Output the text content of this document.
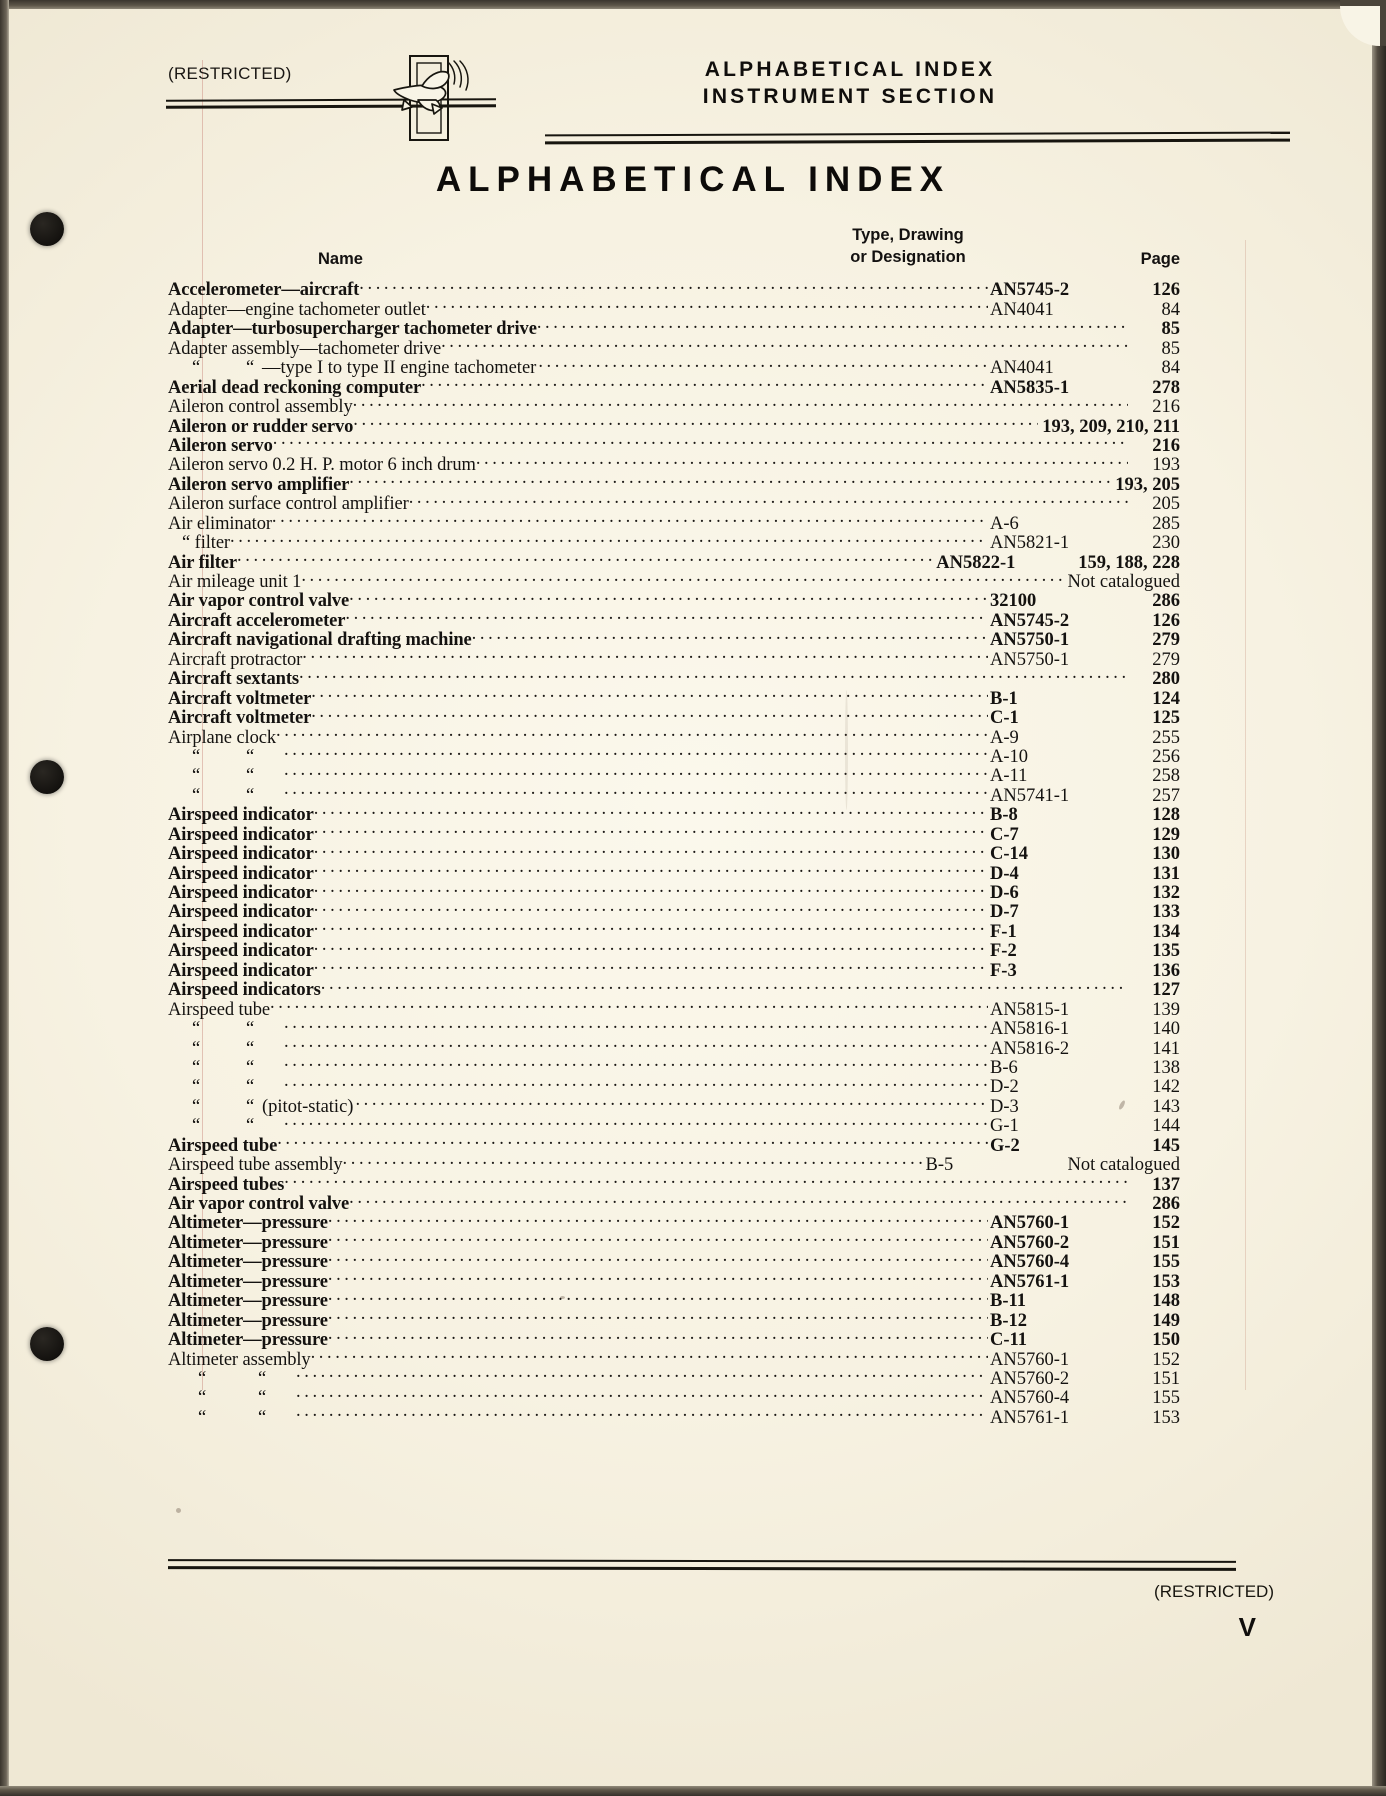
(RESTRICTED)	ALPHABETICAL INDEX
INSTRUMENT SECTION
ALPHABETICAL INDEX
Name
Type, Drawing
or Designation	Page
Accelerometer—aircraft .....	AN5745-2	126
Adapter—engine tachometer outlet .....	AN4041	84
Adapter—turbosupercharger tachometer drive .....	85
Adapter assembly—tachometer drive .....	85
“	“ —type I to type II engine tachometer .....	AN4041	84
Aerial dead reckoning computer .....	AN5835-1	278
Aileron control assembly .....	216
Aileron or rudder servo .....	193, 209, 210, 211
Aileron servo .....	216
Aileron servo 0.2 H. P. motor 6 inch drum .....	193
Aileron servo amplifier .....	193, 205
Aileron surface control amplifier .....	205
Air eliminator .....	A-6	285
“ filter .....	AN5821-1	230
Air filter .....	AN5822-1	159, 188, 228
Air mileage unit 1 .....	Not catalogued
Air vapor control valve .....	32100	286
Aircraft accelerometer .....	AN5745-2	126
Aircraft navigational drafting machine .....	AN5750-1	279
Aircraft protractor .....	AN5750-1	279
Aircraft sextants .....	280
Aircraft voltmeter .....	B-1	124
Aircraft voltmeter .....	C-1	125
Airplane clock .....	A-9	255
“	“ .....	A-10	256
“	“ .....	A-11	258
“	“ .....	AN5741-1	257
Airspeed indicator .....	B-8	128
Airspeed indicator .....	C-7	129
Airspeed indicator .....	C-14	130
Airspeed indicator .....	D-4	131
Airspeed indicator .....	D-6	132
Airspeed indicator .....	D-7	133
Airspeed indicator .....	F-1	134
Airspeed indicator .....	F-2	135
Airspeed indicator .....	F-3	136
Airspeed indicators .....	127
Airspeed tube .....	AN5815-1	139
“	“ .....	AN5816-1	140
“	“ .....	AN5816-2	141
“	“ .....	B-6	138
“	“ .....	D-2	142
“	“ (pitot-static) .....	D-3	143
“	“ .....	G-1	144
Airspeed tube .....	G-2	145
Airspeed tube assembly .....	B-5	Not catalogued
Airspeed tubes .....	137
Air vapor control valve .....	286
Altimeter—pressure .....	AN5760-1	152
Altimeter—pressure .....	AN5760-2	151
Altimeter—pressure .....	AN5760-4	155
Altimeter—pressure .....	AN5761-1	153
Altimeter—pressure .....	B-11	148
Altimeter—pressure .....	B-12	149
Altimeter—pressure .....	C-11	150
Altimeter assembly .....	AN5760-1	152
“	“ .....	AN5760-2	151
“	“ .....	AN5760-4	155
“	“ .....	AN5761-1	153
(RESTRICTED)
V
